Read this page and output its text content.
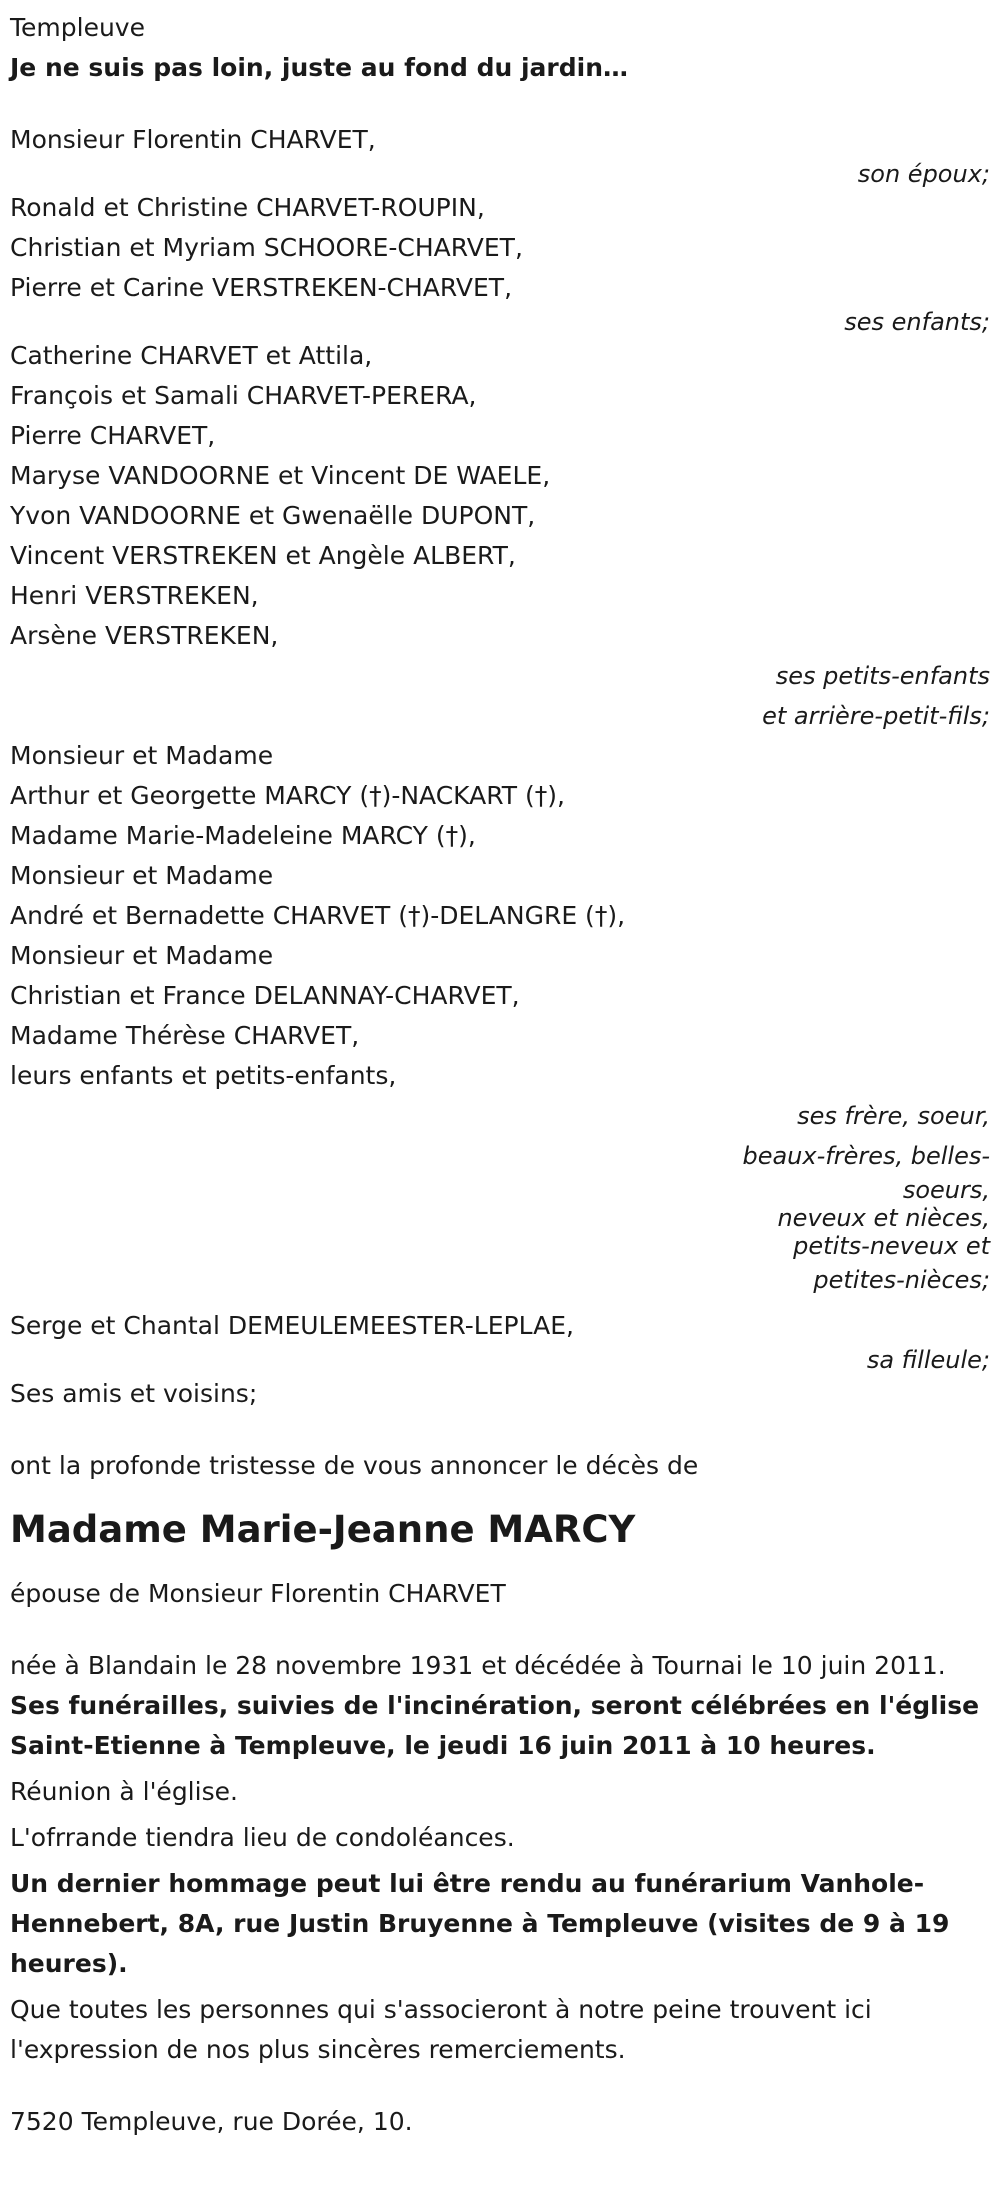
Templeuve

Je ne suis pas loin, juste au fond du jardin…

Monsieur Florentin CHARVET,

son époux;

Ronald et Christine CHARVET-ROUPIN,

Christian et Myriam SCHOORE-CHARVET,

Pierre et Carine VERSTREKEN-CHARVET,

ses enfants;

Catherine CHARVET et Attila,

François et Samali CHARVET-PERERA,

Pierre CHARVET,

Maryse VANDOORNE et Vincent DE WAELE,

Yvon VANDOORNE et Gwenaëlle DUPONT,

Vincent VERSTREKEN et Angèle ALBERT,

Henri VERSTREKEN,

Arsène VERSTREKEN,

ses petits-enfants

et arrière-petit-fils;

Monsieur et Madame

Arthur et Georgette MARCY (†)-NACKART (†),

Madame Marie-Madeleine MARCY (†),

Monsieur et Madame

André et Bernadette CHARVET (†)-DELANGRE (†),

Monsieur et Madame

Christian et France DELANNAY-CHARVET,

Madame Thérèse CHARVET,

leurs enfants et petits-enfants,

ses frère, soeur,

beaux-frères, belles-

soeurs,

neveux et nièces,

petits-neveux et

petites-nièces;

Serge et Chantal DEMEULEMEESTER-LEPLAE,

sa filleule;

Ses amis et voisins;

ont la profonde tristesse de vous annoncer le décès de

Madame Marie-Jeanne MARCY

épouse de Monsieur Florentin CHARVET

née à Blandain le 28 novembre 1931 et décédée à Tournai le 10 juin 2011.

Ses funérailles, suivies de l'incinération, seront célébrées en l'église Saint-Etienne à Templeuve, le jeudi 16 juin 2011 à 10 heures.

Réunion à l'église.

L'ofrrande tiendra lieu de condoléances.

Un dernier hommage peut lui être rendu au funérarium Vanhole-Hennebert, 8A, rue Justin Bruyenne à Templeuve (visites de 9 à 19 heures).

Que toutes les personnes qui s'associeront à notre peine trouvent ici l'expression de nos plus sincères remerciements.

7520 Templeuve, rue Dorée, 10.
